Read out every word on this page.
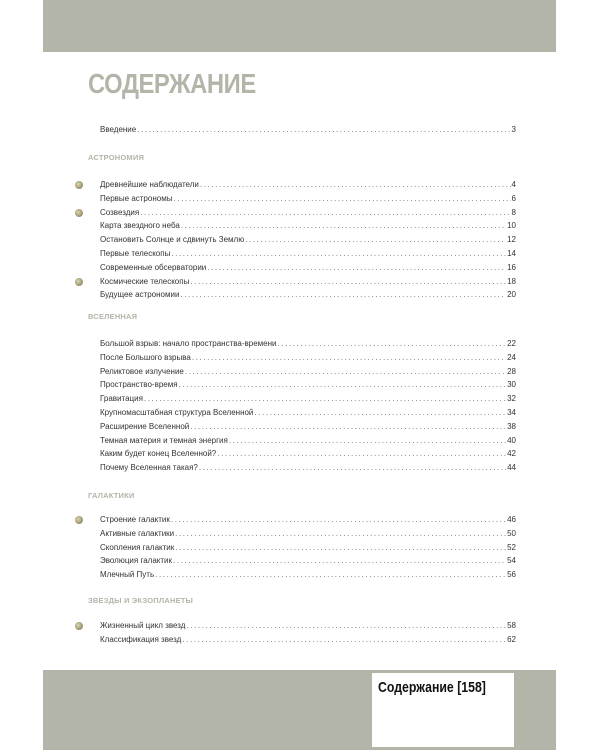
СОДЕРЖАНИЕ
Введение .....	3
АСТРОНОМИЯ
Древнейшие наблюдатели .....	4
Первые астрономы .....	6
Созвездия .....	8
Карта звездного неба .....	10
Остановить Солнце и сдвинуть Землю .....	12
Первые телескопы .....	14
Современные обсерватории .....	16
Космические телескопы .....	18
Будущее астрономии .....	20
ВСЕЛЕННАЯ
Большой взрыв: начало пространства-времени .....	22
После Большого взрыва .....	24
Реликтовое излучение .....	28
Пространство-время .....	30
Гравитация .....	32
Крупномасштабная структура Вселенной .....	34
Расширение Вселенной .....	38
Темная материя и темная энергия .....	40
Каким будет конец Вселенной? .....	42
Почему Вселенная такая? .....	44
ГАЛАКТИКИ
Строение галактик .....	46
Активные галактики .....	50
Скопления галактик .....	52
Эволюция галактик .....	54
Млечный Путь .....	56
ЗВЕЗДЫ И ЭКЗОПЛАНЕТЫ
Жизненный цикл звезд .....	58
Классификация звезд .....	62
Содержание [158]
